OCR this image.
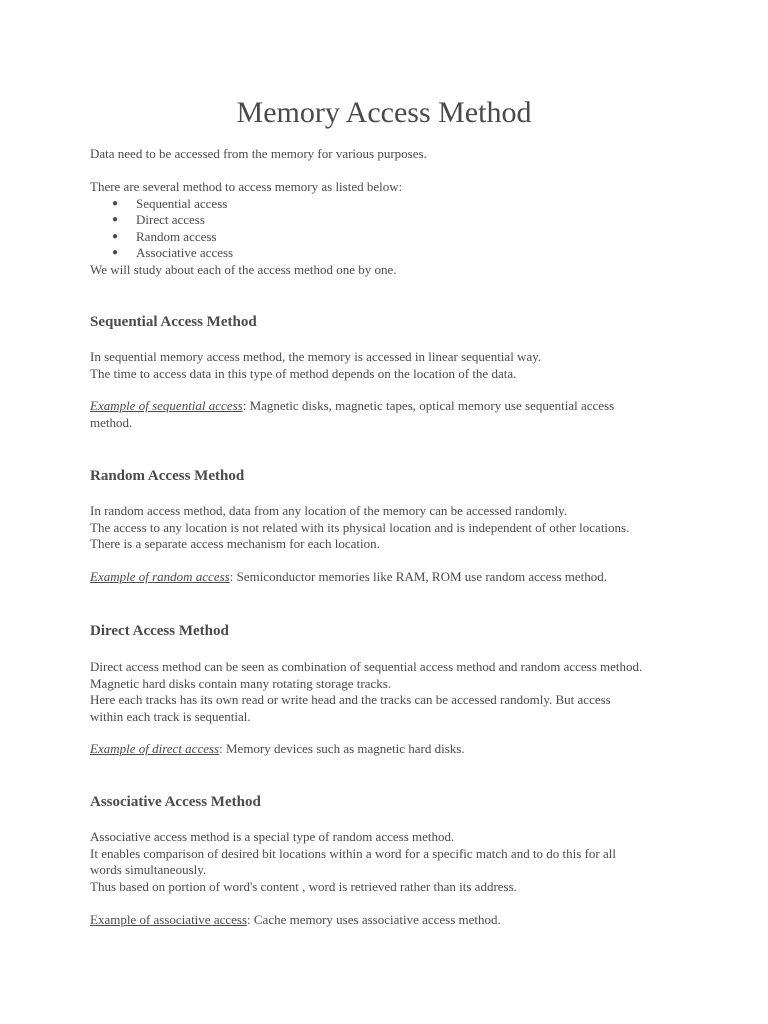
Memory Access Method

Data need to be accessed from the memory for various purposes.

There are several method to access memory as listed below:

● Sequential access
● Direct access
● Random access
● Associative access

We will study about each of the access method one by one.

Sequential Access Method

In sequential memory access method, the memory is accessed in linear sequential way.

The time to access data in this type of method depends on the location of the data.

Example of sequential access: Magnetic disks, magnetic tapes, optical memory use sequential access

method.

Random Access Method

In random access method, data from any location of the memory can be accessed randomly.

The access to any location is not related with its physical location and is independent of other locations.

There is a separate access mechanism for each location.

Example of random access: Semiconductor memories like RAM, ROM use random access method.

Direct Access Method

Direct access method can be seen as combination of sequential access method and random access method.

Magnetic hard disks contain many rotating storage tracks.

Here each tracks has its own read or write head and the tracks can be accessed randomly. But access

within each track is sequential.

Example of direct access: Memory devices such as magnetic hard disks.

Associative Access Method

Associative access method is a special type of random access method.

It enables comparison of desired bit locations within a word for a specific match and to do this for all

words simultaneously.

Thus based on portion of word's content , word is retrieved rather than its address.

Example of associative access: Cache memory uses associative access method.
